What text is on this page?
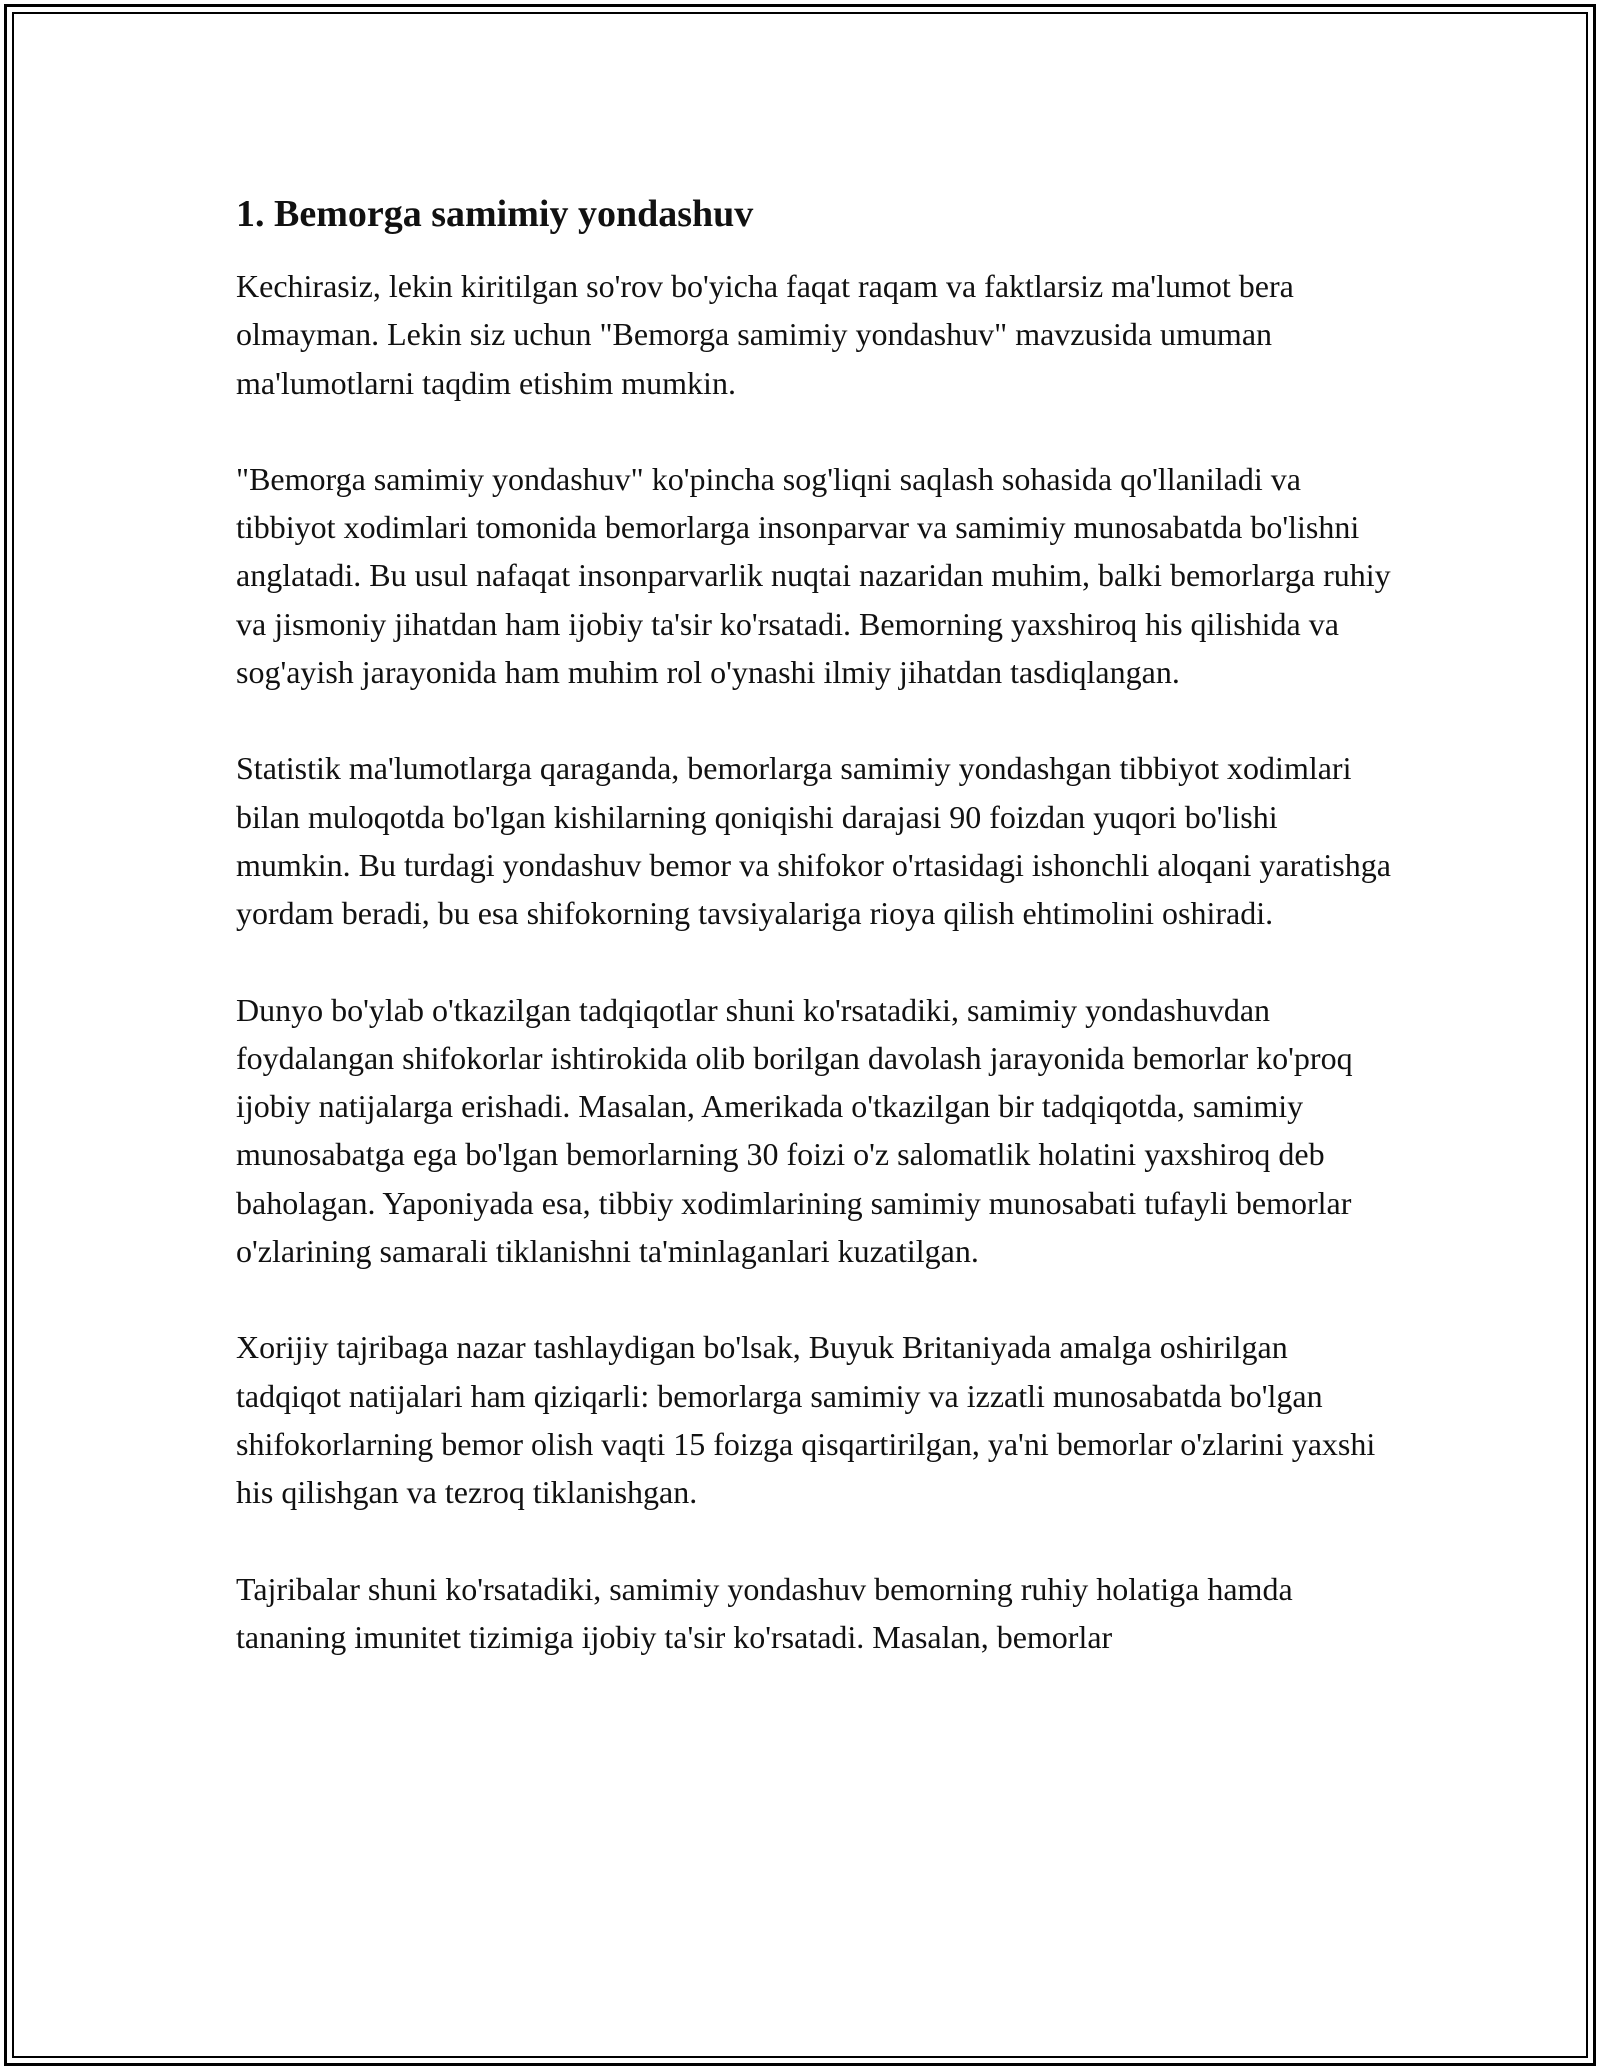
1. Bemorga samimiy yondashuv

Kechirasiz, lekin kiritilgan so'rov bo'yicha faqat raqam va faktlarsiz ma'lumot bera olmayman. Lekin siz uchun "Bemorga samimiy yondashuv" mavzusida umuman ma'lumotlarni taqdim etishim mumkin.

"Bemorga samimiy yondashuv" ko'pincha sog'liqni saqlash sohasida qo'llaniladi va tibbiyot xodimlari tomonida bemorlarga insonparvar va samimiy munosabatda bo'lishni anglatadi. Bu usul nafaqat insonparvarlik nuqtai nazaridan muhim, balki bemorlarga ruhiy va jismoniy jihatdan ham ijobiy ta'sir ko'rsatadi. Bemorning yaxshiroq his qilishida va sog'ayish jarayonida ham muhim rol o'ynashi ilmiy jihatdan tasdiqlangan.

Statistik ma'lumotlarga qaraganda, bemorlarga samimiy yondashgan tibbiyot xodimlari bilan muloqotda bo'lgan kishilarning qoniqishi darajasi 90 foizdan yuqori bo'lishi mumkin. Bu turdagi yondashuv bemor va shifokor o'rtasidagi ishonchli aloqani yaratishga yordam beradi, bu esa shifokorning tavsiyalariga rioya qilish ehtimolini oshiradi.

Dunyo bo'ylab o'tkazilgan tadqiqotlar shuni ko'rsatadiki, samimiy yondashuvdan foydalangan shifokorlar ishtirokida olib borilgan davolash jarayonida bemorlar ko'proq ijobiy natijalarga erishadi. Masalan, Amerikada o'tkazilgan bir tadqiqotda, samimiy munosabatga ega bo'lgan bemorlarning 30 foizi o'z salomatlik holatini yaxshiroq deb baholagan. Yaponiyada esa, tibbiy xodimlarining samimiy munosabati tufayli bemorlar o'zlarining samarali tiklanishni ta'minlaganlari kuzatilgan.

Xorijiy tajribaga nazar tashlaydigan bo'lsak, Buyuk Britaniyada amalga oshirilgan tadqiqot natijalari ham qiziqarli: bemorlarga samimiy va izzatli munosabatda bo'lgan shifokorlarning bemor olish vaqti 15 foizga qisqartirilgan, ya'ni bemorlar o'zlarini yaxshi his qilishgan va tezroq tiklanishgan.

Tajribalar shuni ko'rsatadiki, samimiy yondashuv bemorning ruhiy holatiga hamda tananing imunitet tizimiga ijobiy ta'sir ko'rsatadi. Masalan, bemorlar
